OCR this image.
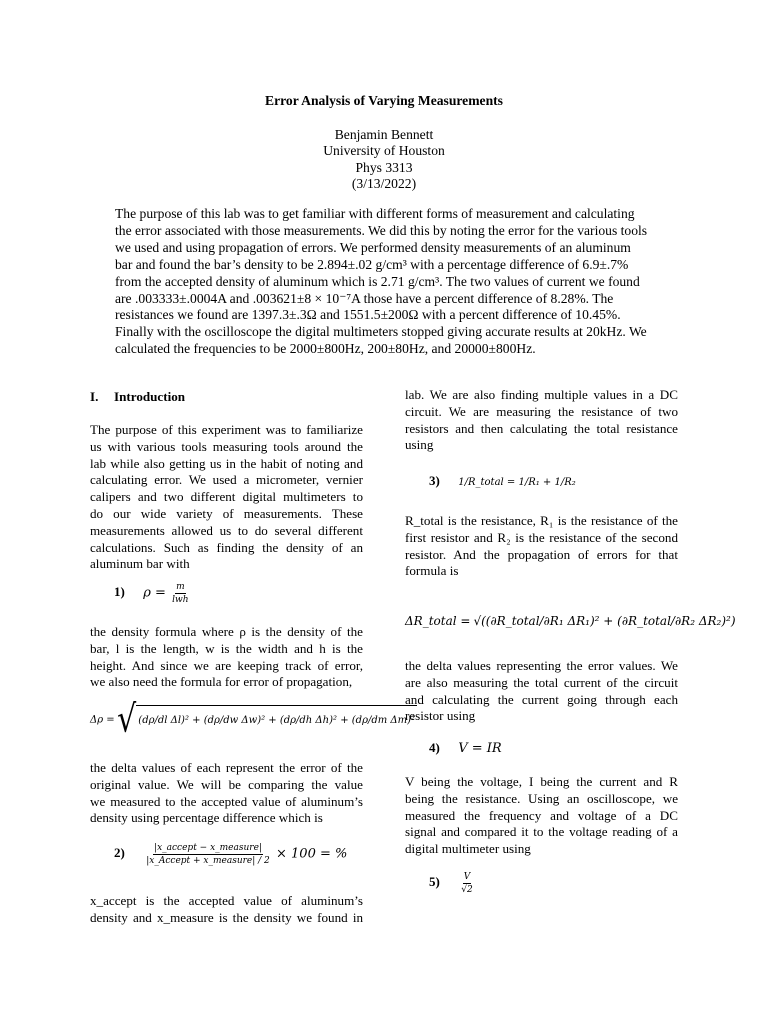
Error Analysis of Varying Measurements
Benjamin Bennett
University of Houston
Phys 3313
(3/13/2022)
The purpose of this lab was to get familiar with different forms of measurement and calculating
the error associated with those measurements. We did this by noting the error for the various tools
we used and using propagation of errors. We performed density measurements of an aluminum
bar and found the bar’s density to be 2.894±.02 g/cm³ with a percentage difference of 6.9±.7%
from the accepted density of aluminum which is 2.71 g/cm³. The two values of current we found
are .003333±.0004A and .003621±8 × 10⁻⁷A those have a percent difference of 8.28%. The
resistances we found are 1397.3±.3Ω and 1551.5±200Ω with a percent difference of 10.45%.
Finally with the oscilloscope the digital multimeters stopped giving accurate results at 20kHz. We
calculated the frequencies to be 2000±800Hz, 200±80Hz, and 20000±800Hz.
I. Introduction
The purpose of this experiment was to familiarize
us with various tools measuring tools around the
lab while also getting us in the habit of noting and
calculating error. We used a micrometer, vernier
calipers and two different digital multimeters to
do our wide variety of measurements. These
measurements allowed us to do several different
calculations. Such as finding the density of an
aluminum bar with
1) $\rho = \frac{m}{\text{lwh}}$
the density formula where ρ is the density of the
bar, l is the length, w is the width and h is the
height. And since we are keeping track of error,
we also need the formula for error of propagation,
Δρ = √ (dρ/dl Δl)² + (dρ/dw Δw)² + (dρ/dh Δh)² + (dρ/dm Δm)²
the delta values of each represent the error of the
original value. We will be comparing the value
we measured to the accepted value of aluminum’s
density using percentage difference which is
$2) \frac{\text{|x\_accept − x\_measure|}}{\text{|x\_Accept + x\_measure| / 2}} \times 100$ = %
x_accept is the accepted value of aluminum’s
density and x_measure is the density we found in
lab. We are also finding multiple values in a DC
circuit. We are measuring the resistance of two
resistors and then calculating the total resistance
using
3) 1/R_total = 1/R₁ + 1/R₂
R_total is the resistance, R₁ is the resistance of the
first resistor and R₂ is the resistance of the second
resistor. And the propagation of errors for that
formula is
ΔR_total = √((∂R_total/∂R₁ ΔR₁)² + (∂R_total/∂R₂ ΔR₂)²)
the delta values representing the error values. We
are also measuring the total current of the circuit
and calculating the current going through each
resistor using
4) V = IR
V being the voltage, I being the current and R
being the resistance. Using an oscilloscope, we
measured the frequency and voltage of a DC
signal and compared it to the voltage reading of a
digital multimeter using
$5) \frac{V}{√2}$
